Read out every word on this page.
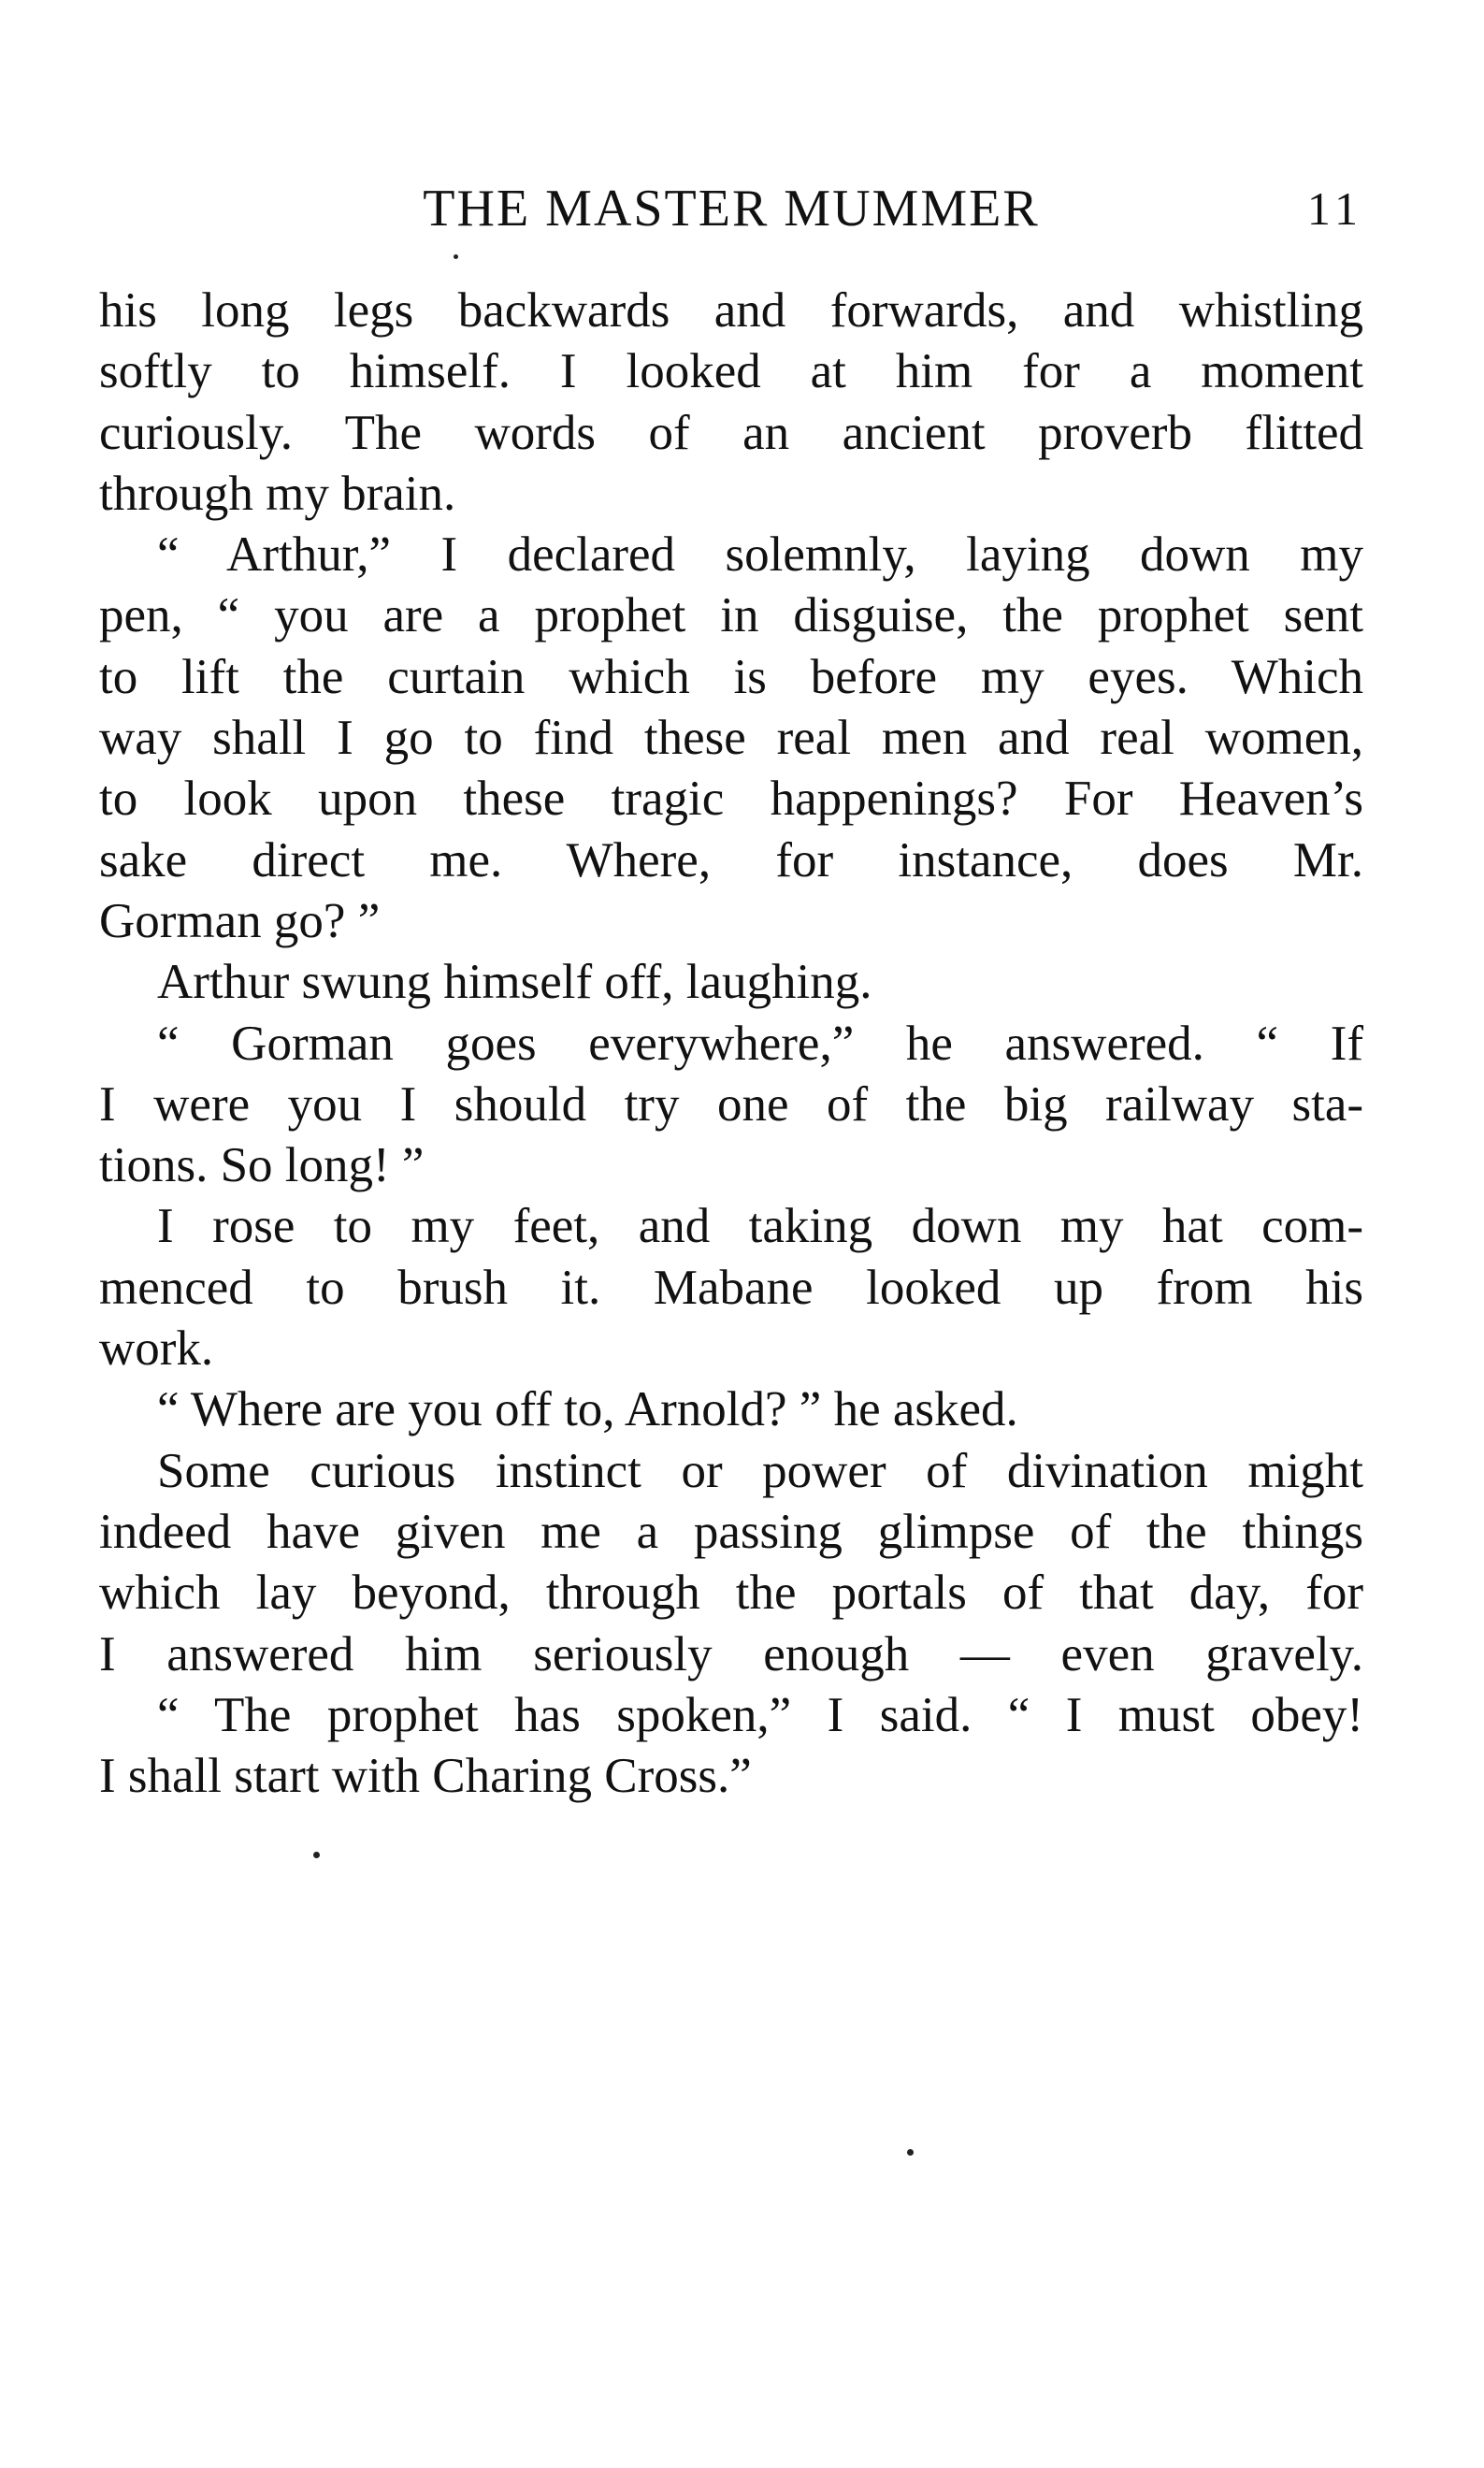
THE MASTER MUMMER	11
his long legs backwards and forwards, and whistling
softly to himself. I looked at him for a moment
curiously. The words of an ancient proverb flitted
through my brain.
“ Arthur,” I declared solemnly, laying down my
pen, “ you are a prophet in disguise, the prophet sent
to lift the curtain which is before my eyes. Which
way shall I go to find these real men and real women,
to look upon these tragic happenings? For Heaven’s
sake direct me. Where, for instance, does Mr.
Gorman go? ”
Arthur swung himself off, laughing.
“ Gorman goes everywhere,” he answered. “ If
I were you I should try one of the big railway sta-
tions. So long! ”
I rose to my feet, and taking down my hat com-
menced to brush it. Mabane looked up from his
work.
“ Where are you off to, Arnold? ” he asked.
Some curious instinct or power of divination might
indeed have given me a passing glimpse of the things
which lay beyond, through the portals of that day, for
I answered him seriously enough — even gravely.
“ The prophet has spoken,” I said. “ I must obey!
I shall start with Charing Cross.”
